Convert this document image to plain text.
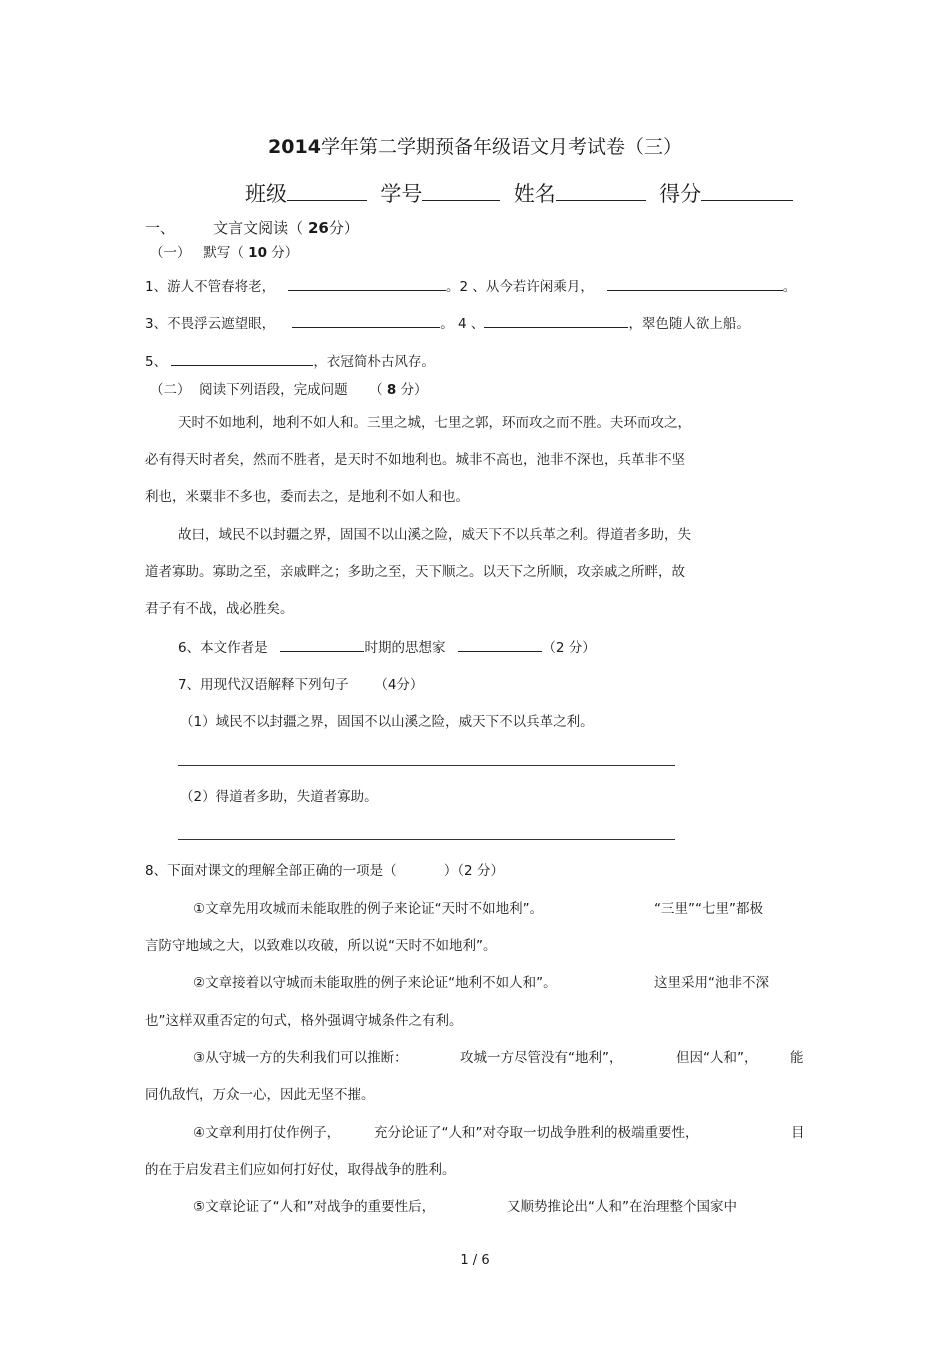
2014学年第二学期预备年级语文月考试卷（三）
班级	学号	姓名	得分
一、	文言文阅读（ 26分）
（一） 默写（ 10 分）
1、游人不管春将老，	。2 、从今若许闲乘月，	。
3、不畏浮云遮望眼，	。 4 、	，翠色随人欲上船。
5、	，衣冠简朴古风存。
（二） 阅读下列语段，完成问题 （ 8 分）
天时不如地利，地利不如人和。三里之城，七里之郭，环而攻之而不胜。夫环而攻之，
必有得天时者矣，然而不胜者，是天时不如地利也。城非不高也，池非不深也，兵革非不坚
利也，米粟非不多也，委而去之，是地利不如人和也。
故曰，域民不以封疆之界，固国不以山溪之险，威天下不以兵革之利。得道者多助，失
道者寡助。寡助之至，亲戚畔之；多助之至，天下顺之。以天下之所顺，攻亲戚之所畔，故
君子有不战，战必胜矣。
6、本文作者是	时期的思想家	（2 分）
7、用现代汉语解释下列句子 （4分）
（1）域民不以封疆之界，固国不以山溪之险，威天下不以兵革之利。
（2）得道者多助，失道者寡助。
8、下面对课文的理解全部正确的一项是（	）（2 分）
①文章先用攻城而未能取胜的例子来论证“天时不如地利”。	“三里”“七里”都极
言防守地域之大，以致难以攻破，所以说“天时不如地利”。
②文章接着以守城而未能取胜的例子来论证“地利不如人和”。	这里采用“池非不深
也”这样双重否定的句式，格外强调守城条件之有利。
③从守城一方的失利我们可以推断：	攻城一方尽管没有“地利”，	但因“人和”， 能
同仇敌忾，万众一心，因此无坚不摧。
④文章利用打仗作例子，	充分论证了“人和”对夺取一切战争胜利的极端重要性，	目
的在于启发君主们应如何打好仗，取得战争的胜利。
⑤文章论证了“人和”对战争的重要性后，	又顺势推论出“人和”在治理整个国家中
1 / 6
